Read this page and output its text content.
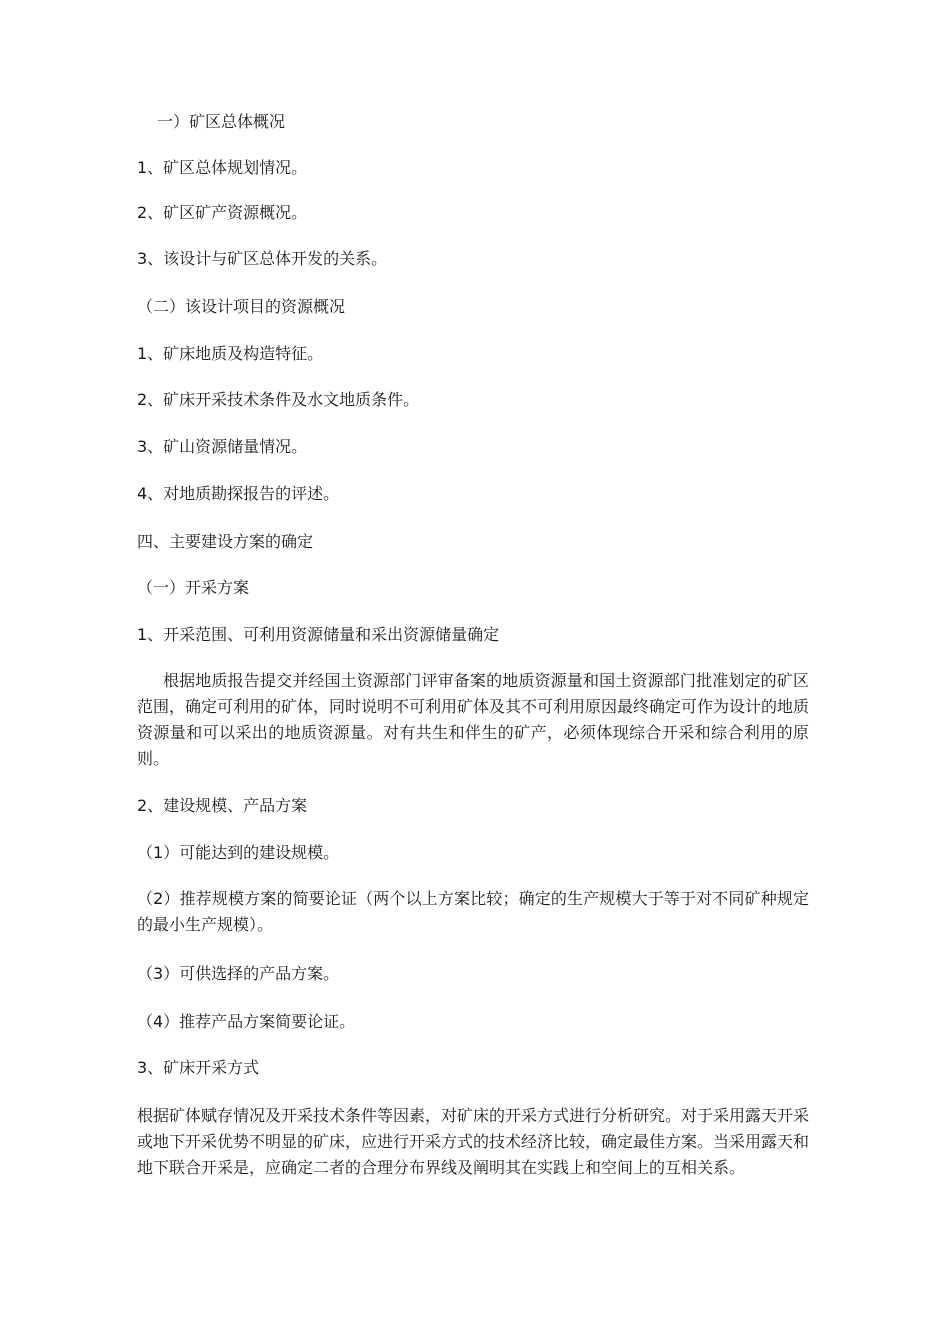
一）矿区总体概况

1、矿区总体规划情况。

2、矿区矿产资源概况。

3、该设计与矿区总体开发的关系。

（二）该设计项目的资源概况

1、矿床地质及构造特征。

2、矿床开采技术条件及水文地质条件。

3、矿山资源储量情况。

4、对地质勘探报告的评述。

四、主要建设方案的确定

（一）开采方案

1、开采范围、可利用资源储量和采出资源储量确定

根据地质报告提交并经国土资源部门评审备案的地质资源量和国土资源部门批准划定的矿区范围，确定可利用的矿体，同时说明不可利用矿体及其不可利用原因最终确定可作为设计的地质资源量和可以采出的地质资源量。对有共生和伴生的矿产，必须体现综合开采和综合利用的原则。

2、建设规模、产品方案

（1）可能达到的建设规模。

（2）推荐规模方案的简要论证（两个以上方案比较；确定的生产规模大于等于对不同矿种规定的最小生产规模）。

（3）可供选择的产品方案。

（4）推荐产品方案简要论证。

3、矿床开采方式

根据矿体赋存情况及开采技术条件等因素，对矿床的开采方式进行分析研究。对于采用露天开采或地下开采优势不明显的矿床，应进行开采方式的技术经济比较，确定最佳方案。当采用露天和地下联合开采是，应确定二者的合理分布界线及阐明其在实践上和空间上的互相关系。
